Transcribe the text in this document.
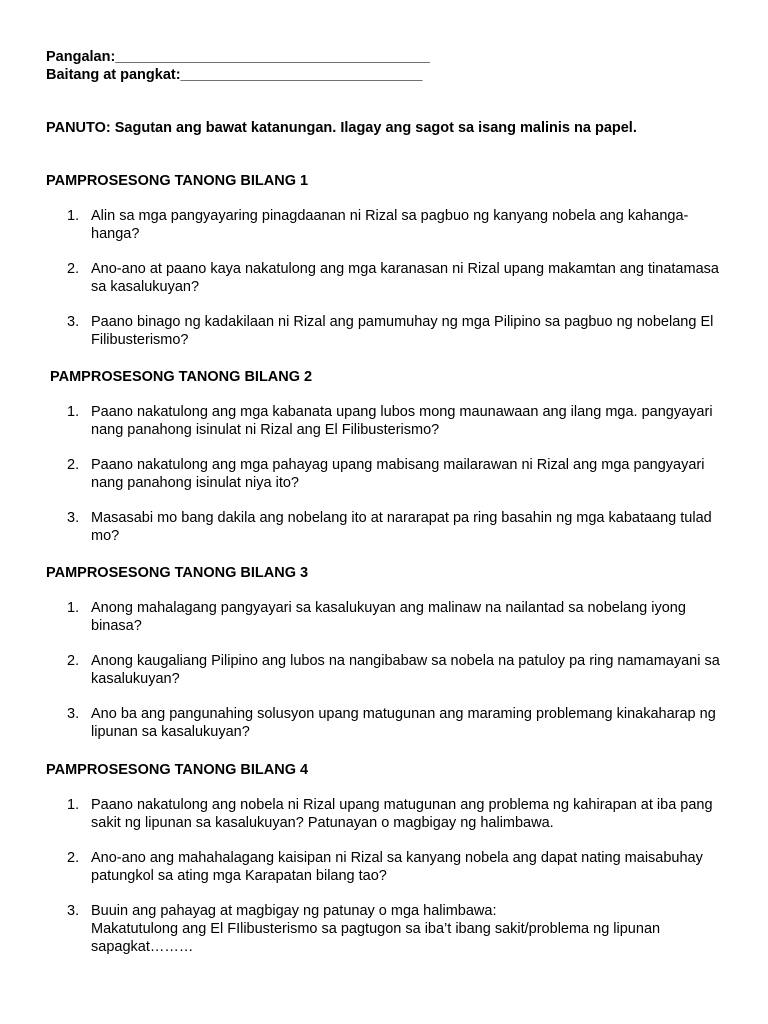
Pangalan:_______________________________________
Baitang at pangkat:______________________________
PANUTO: Sagutan ang bawat katanungan. Ilagay ang sagot sa isang malinis na papel.
PAMPROSESONG TANONG BILANG 1
1. Alin sa mga pangyayaring pinagdaanan ni Rizal sa pagbuo ng kanyang nobela ang kahanga-hanga?
2. Ano-ano at paano kaya nakatulong ang mga karanasan ni Rizal upang makamtan ang tinatamasa sa kasalukuyan?
3. Paano binago ng kadakilaan ni Rizal ang pamumuhay ng mga Pilipino sa pagbuo ng nobelang El Filibusterismo?
PAMPROSESONG TANONG BILANG 2
1. Paano nakatulong ang mga kabanata upang lubos mong maunawaan ang ilang mga. pangyayari nang panahong isinulat ni Rizal ang El Filibusterismo?
2. Paano nakatulong ang mga pahayag upang mabisang mailarawan ni Rizal ang mga pangyayari nang panahong isinulat niya ito?
3. Masasabi mo bang dakila ang nobelang ito at nararapat pa ring basahin ng mga kabataang tulad mo?
PAMPROSESONG TANONG BILANG 3
1. Anong mahalagang pangyayari sa kasalukuyan ang malinaw na nailantad sa nobelang iyong binasa?
2. Anong kaugaliang Pilipino ang lubos na nangibabaw sa nobela na patuloy pa ring namamayani sa kasalukuyan?
3. Ano ba ang pangunahing solusyon upang matugunan ang maraming problemang kinakaharap ng lipunan sa kasalukuyan?
PAMPROSESONG TANONG BILANG 4
1. Paano nakatulong ang nobela ni Rizal upang matugunan ang problema ng kahirapan at iba pang sakit ng lipunan sa kasalukuyan? Patunayan o magbigay ng halimbawa.
2. Ano-ano ang mahahalagang kaisipan ni Rizal sa kanyang nobela ang dapat nating maisabuhay patungkol sa ating mga Karapatan bilang tao?
3. Buuin ang pahayag at magbigay ng patunay o mga halimbawa:
Makatutulong ang El FIlibusterismo sa pagtugon sa iba’t ibang sakit/problema ng lipunan sapagkat………
